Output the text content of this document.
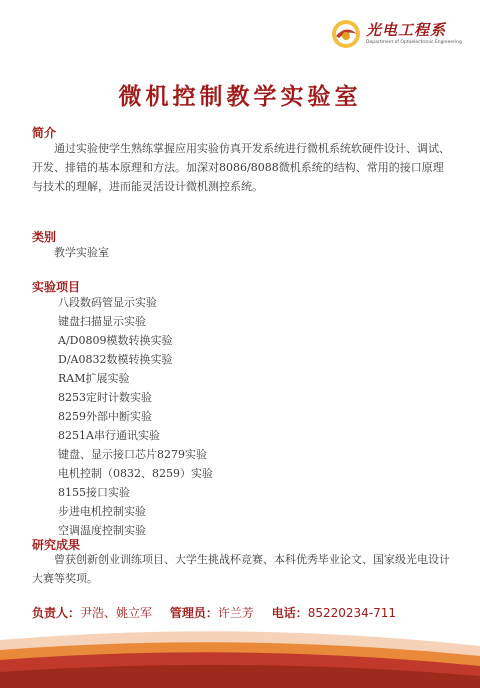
光电工程系
Department of Optoelectronic Engineering
微机控制教学实验室
简介
通过实验使学生熟练掌握应用实验仿真开发系统进行微机系统软硬件设计、调试、开发、排错的基本原理和方法。加深对8086/8088微机系统的结构、常用的接口原理与技术的理解，进而能灵活设计微机测控系统。
类别
教学实验室
实验项目
八段数码管显示实验
键盘扫描显示实验
A/D0809模数转换实验
D/A0832数模转换实验
RAM扩展实验
8253定时计数实验
8259外部中断实验
8251A串行通讯实验
键盘、显示接口芯片8279实验
电机控制（0832、8259）实验
8155接口实验
步进电机控制实验
空调温度控制实验
研究成果
曾获创新创业训练项目、大学生挑战杯竞赛、本科优秀毕业论文、国家级光电设计大赛等奖项。
负责人：尹浩、姚立军 管理员：许兰芳 电话：85220234-711
